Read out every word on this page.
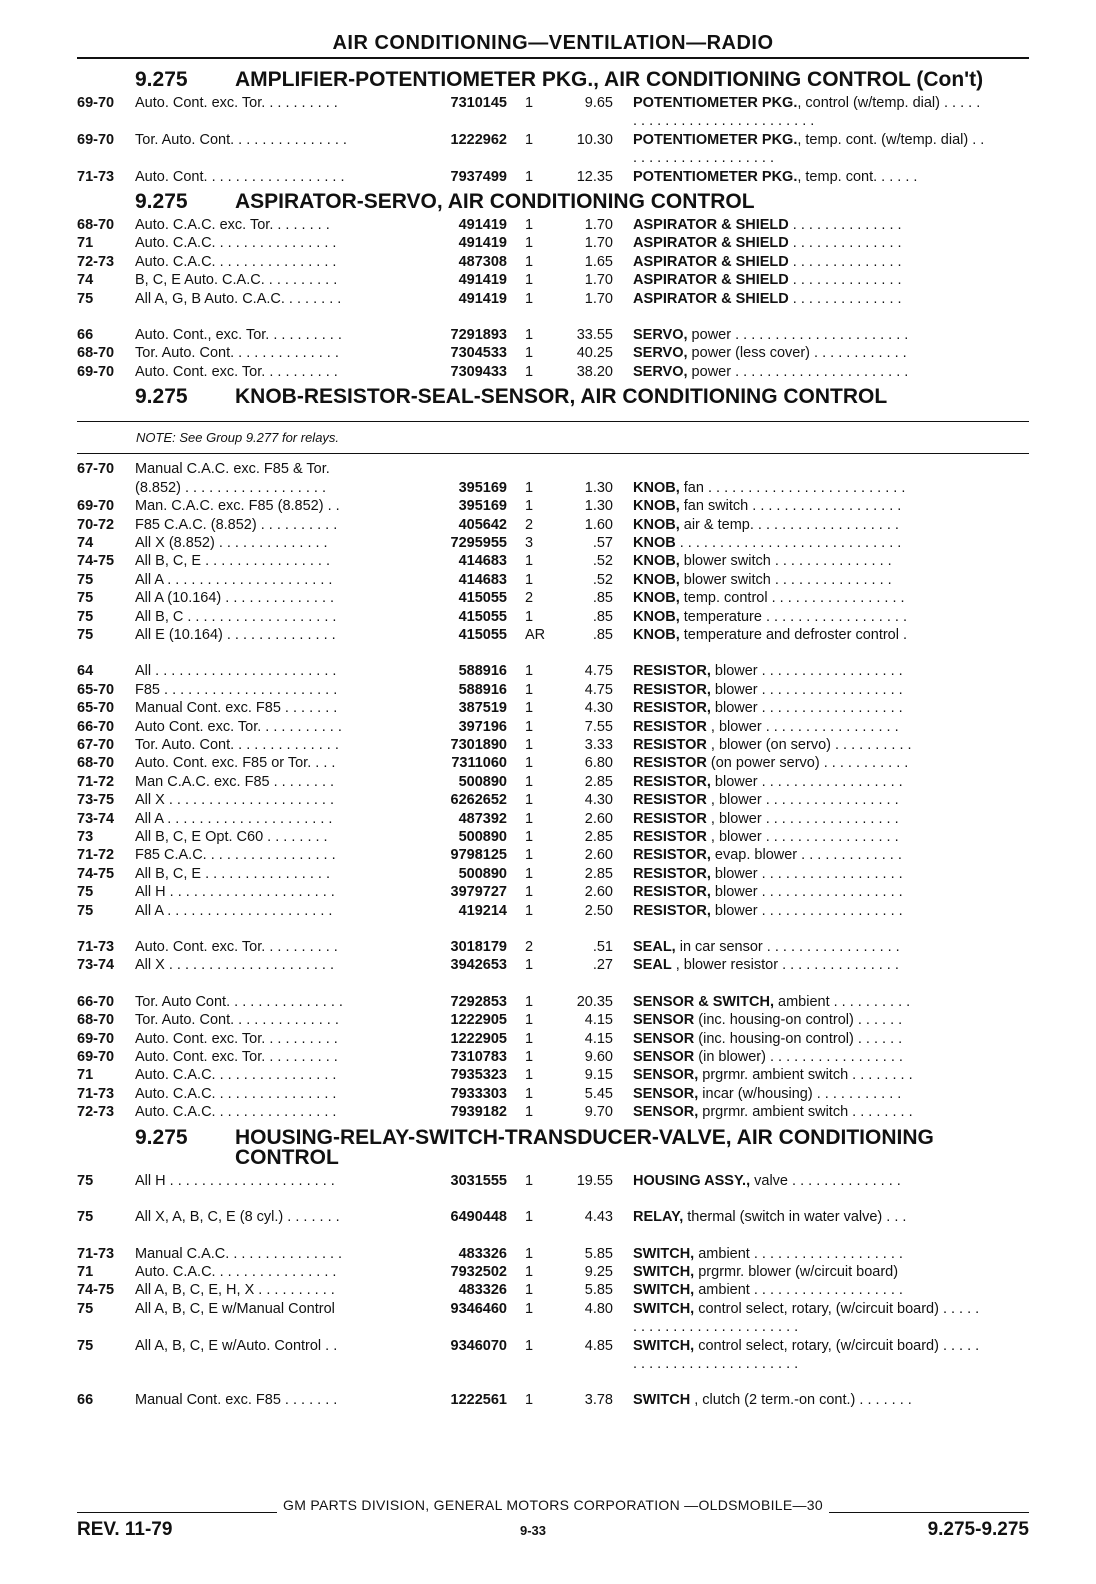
AIR CONDITIONING—VENTILATION—RADIO
9.275	AMPLIFIER-POTENTIOMETER PKG., AIR CONDITIONING CONTROL (Con't)
69-70	Auto. Cont. exc. Tor. . . . . . . . . .	7310145	1	9.65 POTENTIOMETER PKG., control (w/temp. dial) . . . . . . . . . . . . . . . . . . . . . . . . . . . .
69-70	Tor. Auto. Cont. . . . . . . . . . . . . . .	1222962	1	10.30 POTENTIOMETER PKG., temp. cont. (w/temp. dial) . . . . . . . . . . . . . . . . . . . .
71-73	Auto. Cont. . . . . . . . . . . . . . . . . .	7937499	1	12.35 POTENTIOMETER PKG., temp. cont. . . . . .
9.275	ASPIRATOR-SERVO, AIR CONDITIONING CONTROL
68-70	Auto. C.A.C. exc. Tor. . . . . . . .	491419	1	1.70 ASPIRATOR & SHIELD . . . . . . . . . . . . . .
71	Auto. C.A.C. . . . . . . . . . . . . . . .	491419	1	1.70 ASPIRATOR & SHIELD . . . . . . . . . . . . . .
72-73	Auto. C.A.C. . . . . . . . . . . . . . . .	487308	1	1.65 ASPIRATOR & SHIELD . . . . . . . . . . . . . .
74	B, C, E Auto. C.A.C. . . . . . . . . .	491419	1	1.70 ASPIRATOR & SHIELD . . . . . . . . . . . . . .
75	All A, G, B Auto. C.A.C. . . . . . . .	491419	1	1.70 ASPIRATOR & SHIELD . . . . . . . . . . . . . .
66	Auto. Cont., exc. Tor. . . . . . . . . .	7291893	1	33.55 SERVO, power . . . . . . . . . . . . . . . . . . . . . .
68-70	Tor. Auto. Cont. . . . . . . . . . . . . .	7304533	1	40.25 SERVO, power (less cover) . . . . . . . . . . . .
69-70	Auto. Cont. exc. Tor. . . . . . . . . .	7309433	1	38.20 SERVO, power . . . . . . . . . . . . . . . . . . . . . .
9.275	KNOB-RESISTOR-SEAL-SENSOR, AIR CONDITIONING CONTROL
NOTE: See Group 9.277 for relays.
67-70	Manual C.A.C. exc. F85 & Tor.
(8.852) . . . . . . . . . . . . . . . . . .	395169	1	1.30 KNOB, fan . . . . . . . . . . . . . . . . . . . . . . . . .
69-70	Man. C.A.C. exc. F85 (8.852) . .	395169	1	1.30 KNOB, fan switch . . . . . . . . . . . . . . . . . . .
70-72	F85 C.A.C. (8.852) . . . . . . . . . .	405642	2	1.60 KNOB, air & temp. . . . . . . . . . . . . . . . . . .
74	All X (8.852) . . . . . . . . . . . . . .	7295955	3	.57 KNOB . . . . . . . . . . . . . . . . . . . . . . . . . . . .
74-75	All B, C, E . . . . . . . . . . . . . . . .	414683	1	.52 KNOB, blower switch . . . . . . . . . . . . . . .
75	All A . . . . . . . . . . . . . . . . . . . . .	414683	1	.52 KNOB, blower switch . . . . . . . . . . . . . . .
75	All A (10.164) . . . . . . . . . . . . . .	415055	2	.85 KNOB, temp. control . . . . . . . . . . . . . . . . .
75	All B, C . . . . . . . . . . . . . . . . . . .	415055	1	.85 KNOB, temperature . . . . . . . . . . . . . . . . . .
75	All E (10.164) . . . . . . . . . . . . . .	415055	AR	.85 KNOB, temperature and defroster control .
64	All . . . . . . . . . . . . . . . . . . . . . . .	588916	1	4.75 RESISTOR, blower . . . . . . . . . . . . . . . . . .
65-70	F85 . . . . . . . . . . . . . . . . . . . . . .	588916	1	4.75 RESISTOR, blower . . . . . . . . . . . . . . . . . .
65-70	Manual Cont. exc. F85 . . . . . . .	387519	1	4.30 RESISTOR, blower . . . . . . . . . . . . . . . . . .
66-70	Auto Cont. exc. Tor. . . . . . . . . . .	397196	1	7.55 RESISTOR , blower . . . . . . . . . . . . . . . . .
67-70	Tor. Auto. Cont. . . . . . . . . . . . . .	7301890	1	3.33 RESISTOR , blower (on servo) . . . . . . . . . .
68-70	Auto. Cont. exc. F85 or Tor. . . .	7311060	1	6.80 RESISTOR (on power servo) . . . . . . . . . . .
71-72	Man C.A.C. exc. F85 . . . . . . . .	500890	1	2.85 RESISTOR, blower . . . . . . . . . . . . . . . . . .
73-75	All X . . . . . . . . . . . . . . . . . . . . .	6262652	1	4.30 RESISTOR , blower . . . . . . . . . . . . . . . . .
73-74	All A . . . . . . . . . . . . . . . . . . . . .	487392	1	2.60 RESISTOR , blower . . . . . . . . . . . . . . . . .
73	All B, C, E Opt. C60 . . . . . . . .	500890	1	2.85 RESISTOR , blower . . . . . . . . . . . . . . . . .
71-72	F85 C.A.C. . . . . . . . . . . . . . . . .	9798125	1	2.60 RESISTOR, evap. blower . . . . . . . . . . . . .
74-75	All B, C, E . . . . . . . . . . . . . . . .	500890	1	2.85 RESISTOR, blower . . . . . . . . . . . . . . . . . .
75	All H . . . . . . . . . . . . . . . . . . . . .	3979727	1	2.60 RESISTOR, blower . . . . . . . . . . . . . . . . . .
75	All A . . . . . . . . . . . . . . . . . . . . .	419214	1	2.50 RESISTOR, blower . . . . . . . . . . . . . . . . . .
71-73	Auto. Cont. exc. Tor. . . . . . . . . .	3018179	2	.51 SEAL, in car sensor . . . . . . . . . . . . . . . . .
73-74	All X . . . . . . . . . . . . . . . . . . . . .	3942653	1	.27 SEAL , blower resistor . . . . . . . . . . . . . . .
66-70	Tor. Auto Cont. . . . . . . . . . . . . . .	7292853	1	20.35 SENSOR & SWITCH, ambient . . . . . . . . . .
68-70	Tor. Auto. Cont. . . . . . . . . . . . . .	1222905	1	4.15 SENSOR (inc. housing-on control) . . . . . .
69-70	Auto. Cont. exc. Tor. . . . . . . . . .	1222905	1	4.15 SENSOR (inc. housing-on control) . . . . . .
69-70	Auto. Cont. exc. Tor. . . . . . . . . .	7310783	1	9.60 SENSOR (in blower) . . . . . . . . . . . . . . . . .
71	Auto. C.A.C. . . . . . . . . . . . . . . .	7935323	1	9.15 SENSOR, prgrmr. ambient switch . . . . . . . .
71-73	Auto. C.A.C. . . . . . . . . . . . . . . .	7933303	1	5.45 SENSOR, incar (w/housing) . . . . . . . . . . .
72-73	Auto. C.A.C. . . . . . . . . . . . . . . .	7939182	1	9.70 SENSOR, prgrmr. ambient switch . . . . . . . .
9.275	HOUSING-RELAY-SWITCH-TRANSDUCER-VALVE, AIR CONDITIONING CONTROL
75	All H . . . . . . . . . . . . . . . . . . . . .	3031555	1	19.55 HOUSING ASSY., valve . . . . . . . . . . . . . .
75	All X, A, B, C, E (8 cyl.) . . . . . . .	6490448	1	4.43 RELAY, thermal (switch in water valve) . . .
71-73	Manual C.A.C. . . . . . . . . . . . . . .	483326	1	5.85 SWITCH, ambient . . . . . . . . . . . . . . . . . . .
71	Auto. C.A.C. . . . . . . . . . . . . . . .	7932502	1	9.25 SWITCH, prgrmr. blower (w/circuit board)
74-75	All A, B, C, E, H, X . . . . . . . . . .	483326	1	5.85 SWITCH, ambient . . . . . . . . . . . . . . . . . . .
75	All A, B, C, E w/Manual Control	9346460	1	4.80 SWITCH, control select, rotary, (w/circuit board) . . . . . . . . . . . . . . . . . . . . . . . . . .
75	All A, B, C, E w/Auto. Control . .	9346070	1	4.85 SWITCH, control select, rotary, (w/circuit board) . . . . . . . . . . . . . . . . . . . . . . . . . .
66	Manual Cont. exc. F85 . . . . . . .	1222561	1	3.78 SWITCH , clutch (2 term.-on cont.) . . . . . . .
GM PARTS DIVISION, GENERAL MOTORS CORPORATION —OLDSMOBILE—30
REV. 11-79	9-33	9.275-9.275
